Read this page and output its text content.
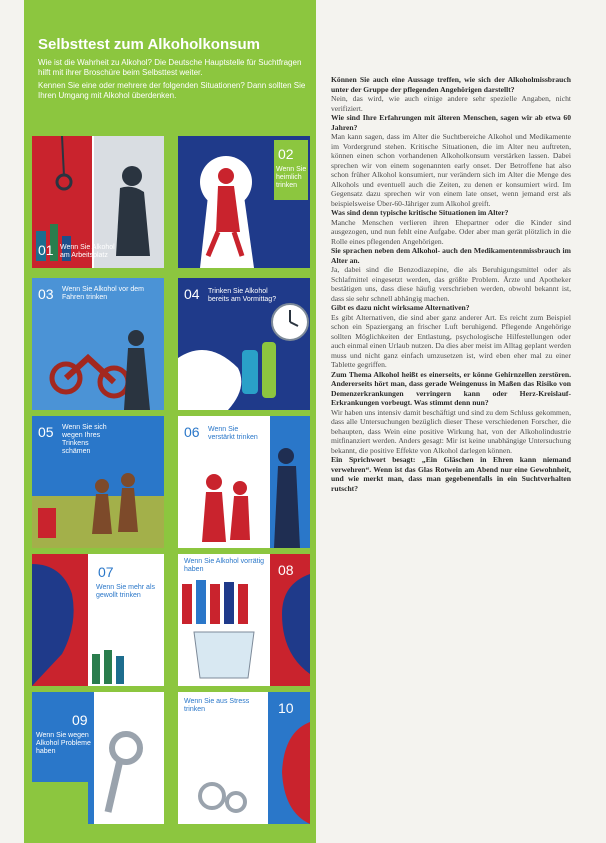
Selbsttest zum Alkoholkonsum

Wie ist die Wahrheit zu Alkohol? Die Deutsche Hauptstelle für Suchtfragen hilft mit ihrer Broschüre beim Selbsttest weiter.

Kennen Sie eine oder mehrere der folgenden Situationen? Dann sollten Sie Ihren Umgang mit Alkohol überdenken.

01 Wenn Sie Alkohol am Arbeitsplatz
02
Wenn Sie heimlich trinken
03 Wenn Sie Alkohol vor dem Fahren trinken	04 Trinken Sie Alkohol bereits am Vormittag?
05 Wenn Sie sich wegen Ihres Trinkens schämen
06 Wenn Sie verstärkt trinken
07
Wenn Sie mehr als gewollt trinken
08
Wenn Sie Alkohol vorrätig haben
09
Wenn Sie wegen Alkohol Probleme haben
10
Wenn Sie aus Stress trinken

Können Sie auch eine Aussage treffen, wie sich der Alkoholmissbrauch unter der Gruppe der pflegenden Angehörigen darstellt?

Nein, das wird, wie auch einige andere sehr spezielle Angaben, nicht verifiziert.

Wie sind Ihre Erfahrungen mit älteren Menschen, sagen wir ab etwa 60 Jahren?

Man kann sagen, dass im Alter die Suchtbereiche Alkohol und Medikamente im Vordergrund stehen. Kritische Situationen, die im Alter neu auftreten, können einen schon vorhandenen Alkoholkonsum verstärken lassen. Dabei sprechen wir von einem sogenannten early onset. Der Betroffene hat also schon früher Alkohol konsumiert, nur verändern sich im Alter die Menge des Alkohols und eventuell auch die Zeiten, zu denen er konsumiert wird. Im Gegensatz dazu sprechen wir von einem late onset, wenn jemand erst als beispielsweise Über-60-Jähriger zum Alkohol greift.

Was sind denn typische kritische Situationen im Alter?

Manche Menschen verlieren ihren Ehepartner oder die Kinder sind ausgezogen, und nun fehlt eine Aufgabe. Oder aber man gerät plötzlich in die Rolle eines pflegenden Angehörigen.

Sie sprachen neben dem Alkohol- auch den Medikamentenmissbrauch im Alter an.

Ja, dabei sind die Benzodiazepine, die als Beruhigungsmittel oder als Schlafmittel eingesetzt werden, das größte Problem. Ärzte und Apotheker bestätigen uns, dass diese häufig verschrieben werden, obwohl bekannt ist, dass sie sehr schnell abhängig machen.

Gibt es dazu nicht wirksame Alternativen?

Es gibt Alternativen, die sind aber ganz anderer Art. Es reicht zum Beispiel schon ein Spaziergang an frischer Luft beruhigend. Pflegende Angehörige sollten Möglichkeiten der Entlastung, psychologische Hilfestellungen oder auch einmal einen Urlaub nutzen. Da dies aber meist im Alltag geplant werden muss und nicht ganz einfach umzusetzen ist, wird eben eher mal zu einer Tablette gegriffen.

Zum Thema Alkohol heißt es einerseits, er könne Gehirnzellen zerstören. Andererseits hört man, dass gerade Weingenuss in Maßen das Risiko von Demenzerkrankungen verringern kann oder Herz-Kreislauf-Erkrankungen vorbeugt. Was stimmt denn nun?

Wir haben uns intensiv damit beschäftigt und sind zu dem Schluss gekommen, dass alle Untersuchungen bezüglich dieser These verschiedenen Forscher, die behaupten, dass Wein eine positive Wirkung hat, von der Alkoholindustrie mitfinanziert werden. Anders gesagt: Mir ist keine unabhängige Untersuchung bekannt, die positive Effekte von Alkohol darlegen können.

Ein Sprichwort besagt: „Ein Gläschen in Ehren kann niemand verwehren“. Wenn ist das Glas Rotwein am Abend nur eine Gewohnheit, und wie merkt man, dass man gegebenenfalls in ein Suchtverhalten rutscht?
